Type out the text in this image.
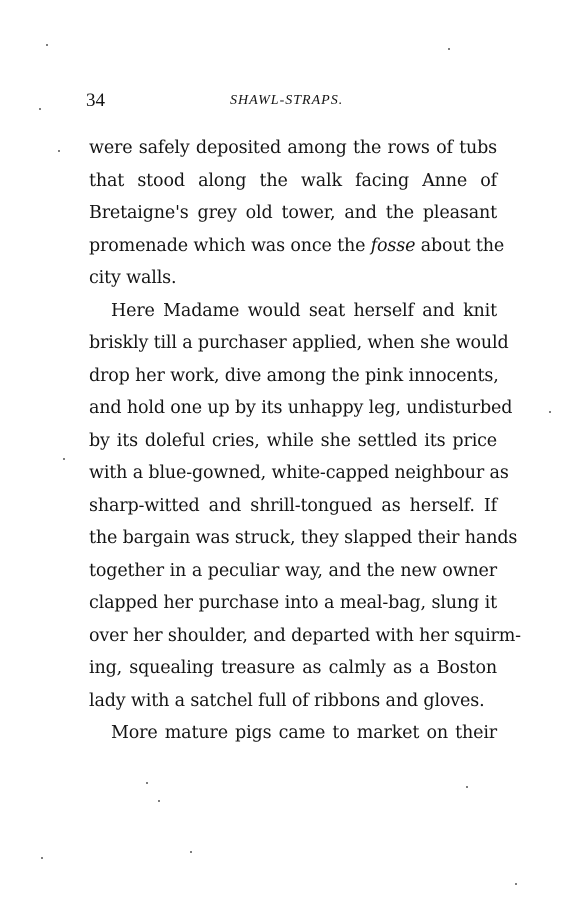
34	SHAWL-STRAPS.
were safely deposited among the rows of tubs
that stood along the walk facing Anne of
Bretaigne's grey old tower, and the pleasant
promenade which was once the fosse about the
city walls.
Here Madame would seat herself and knit
briskly till a purchaser applied, when she would
drop her work, dive among the pink innocents,
and hold one up by its unhappy leg, undisturbed
by its doleful cries, while she settled its price
with a blue-gowned, white-capped neighbour as
sharp-witted and shrill-tongued as herself. If
the bargain was struck, they slapped their hands
together in a peculiar way, and the new owner
clapped her purchase into a meal-bag, slung it
over her shoulder, and departed with her squirm-
ing, squealing treasure as calmly as a Boston
lady with a satchel full of ribbons and gloves.
More mature pigs came to market on their
